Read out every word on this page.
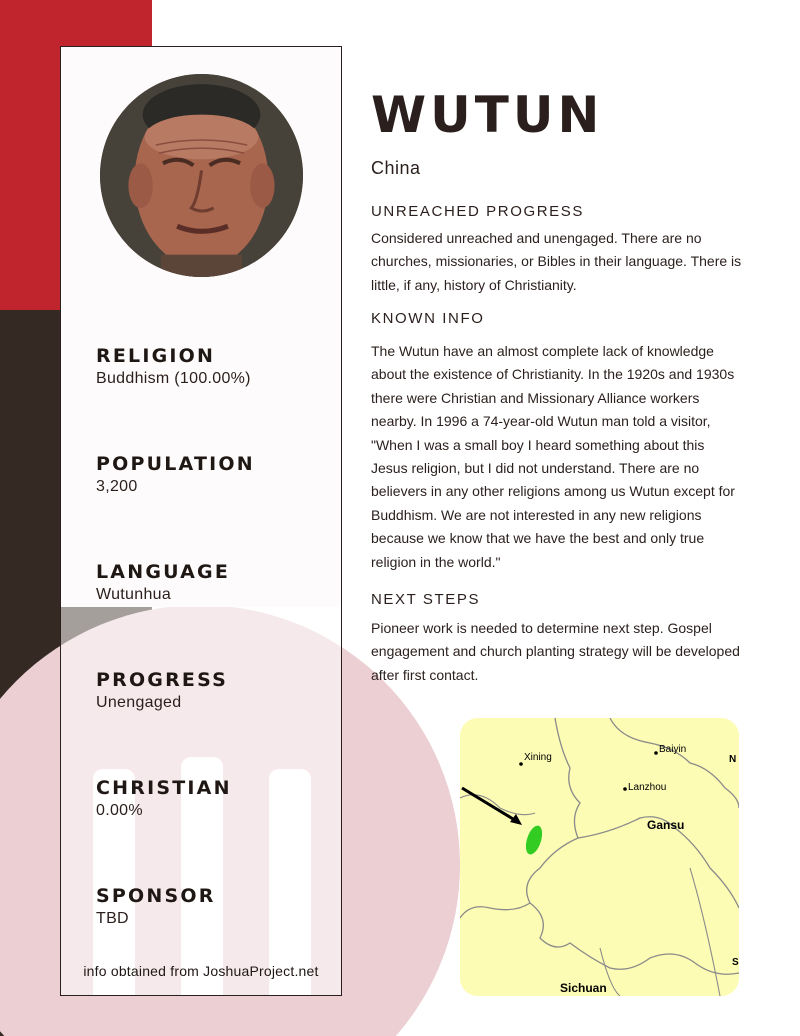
RELIGION
Buddhism (100.00%)
POPULATION
3,200
LANGUAGE
Wutunhua
PROGRESS
Unengaged
CHRISTIAN
0.00%
SPONSOR
TBD
info obtained from JoshuaProject.net
WUTUN
China
UNREACHED PROGRESS
Considered unreached and unengaged. There are no churches, missionaries, or Bibles in their language. There is little, if any, history of Christianity.
KNOWN INFO
The Wutun have an almost complete lack of knowledge about the existence of Christianity. In the 1920s and 1930s there were Christian and Missionary Alliance workers nearby. In 1996 a 74-year-old Wutun man told a visitor, "When I was a small boy I heard something about this Jesus religion, but I did not understand. There are no believers in any other religions among us Wutun except for Buddhism. We are not interested in any new religions because we know that we have the best and only true religion in the world."
NEXT STEPS
Pioneer work is needed to determine next step. Gospel engagement and church planting strategy will be developed after first contact.
Xining
Baiyin
Lanzhou
Gansu
Sichuan
N
S
